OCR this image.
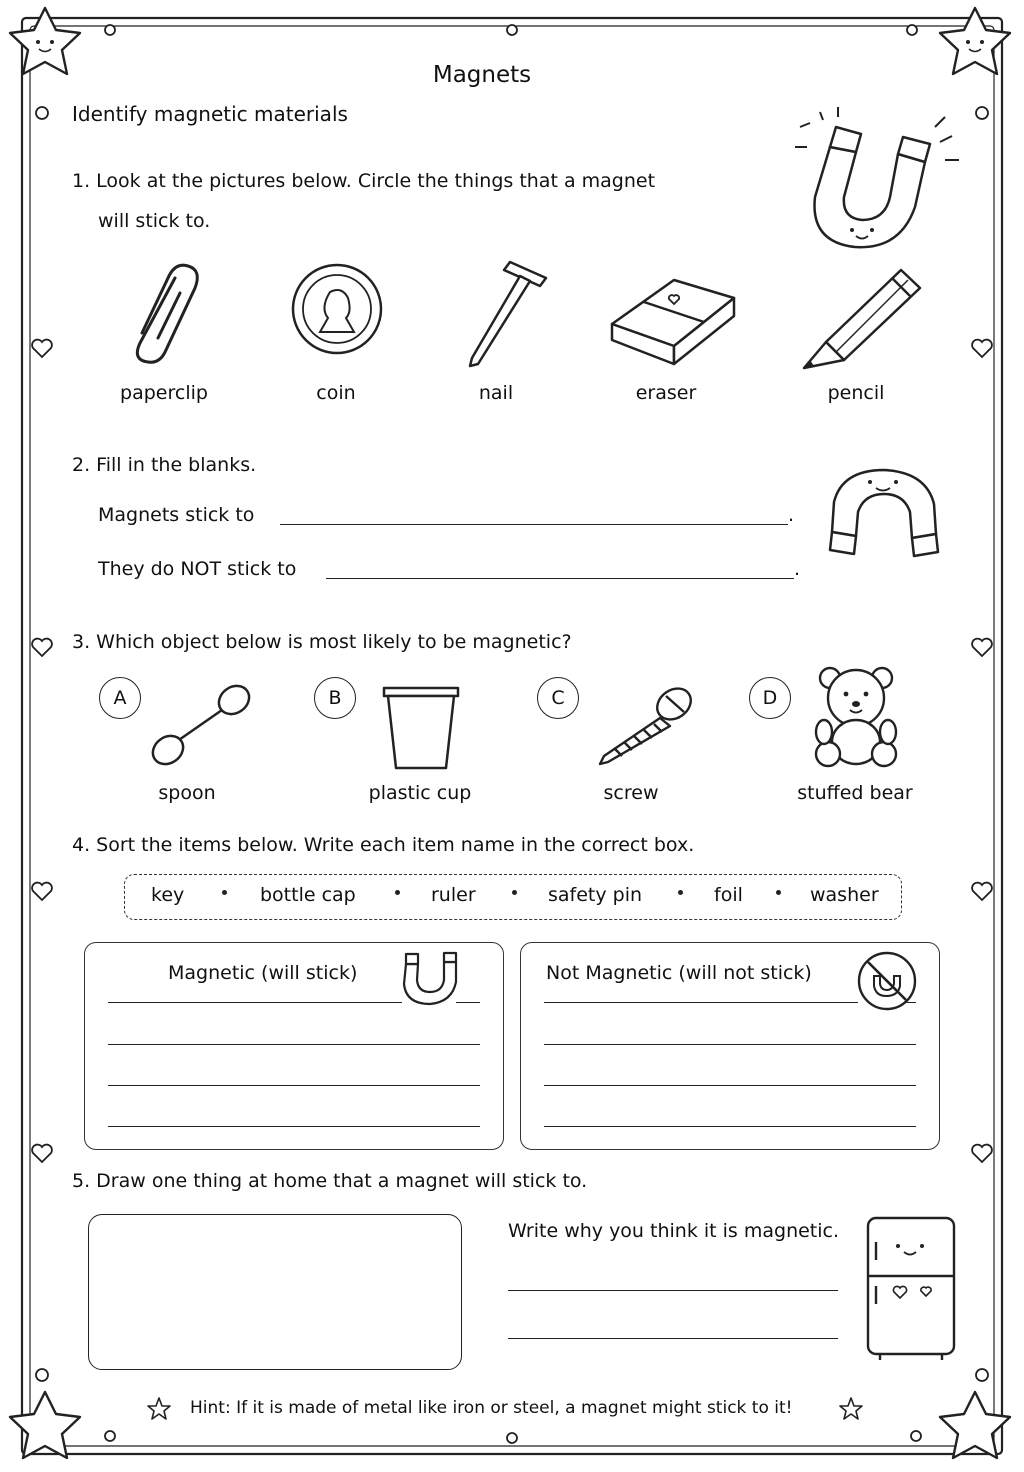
Magnets
Identify magnetic materials
1. Look at the pictures below. Circle the things that a magnet
will stick to.
paperclip	coin	nail	eraser	pencil
2. Fill in the blanks.
Magnets stick to	.
They do NOT stick to	.
3. Which object below is most likely to be magnetic?
A	B	C	D
spoon	plastic cup	screw	stuffed bear
4. Sort the items below. Write each item name in the correct box.
key	bottle cap	ruler	safety pin	foil	washer
Magnetic (will stick)	Not Magnetic (will not stick)
5. Draw one thing at home that a magnet will stick to.
Write why you think it is magnetic.
Hint: If it is made of metal like iron or steel, a magnet might stick to it!
